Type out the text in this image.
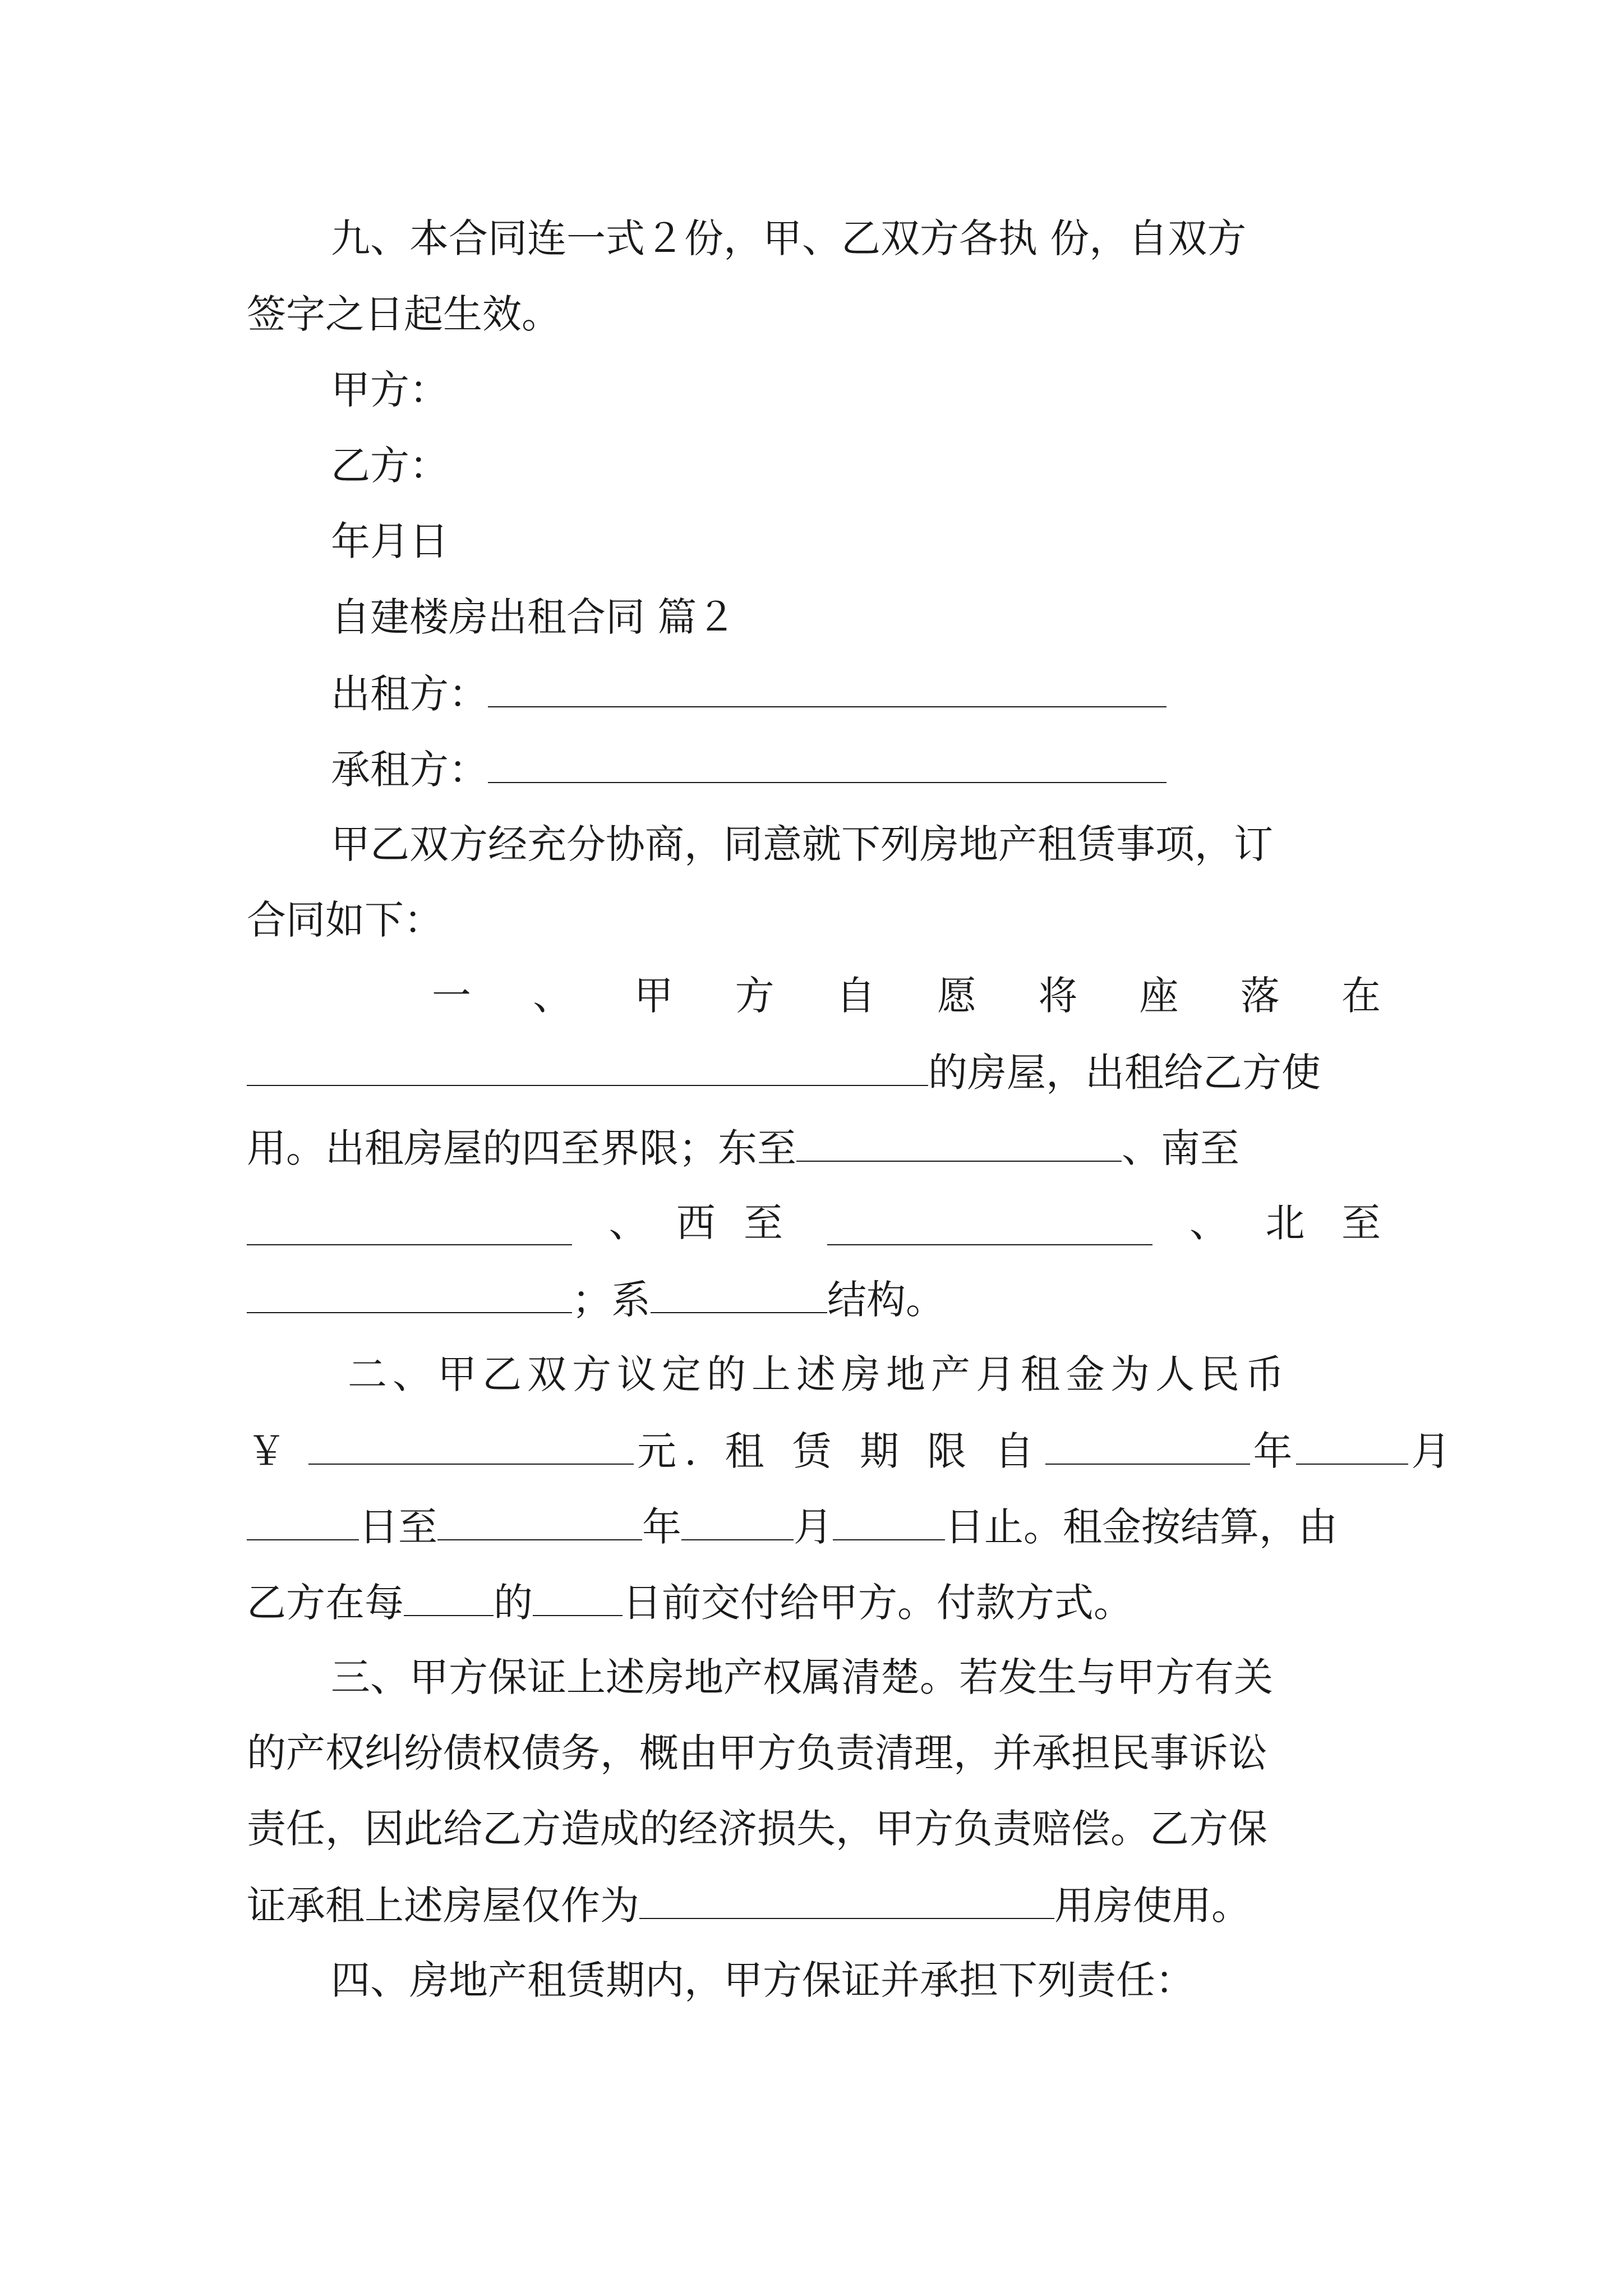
九、本合同连一式２份，甲、乙双方各执 份，自双方
签字之日起生效。
甲方：
乙方：
年月日
自建楼房出租合同 篇２
出租方：
承租方：
甲乙双方经充分协商，同意就下列房地产租赁事项，订
合同如下：
一 、 甲 方 自 愿 将 座 落 在
的房屋，出租给乙方使
用。出租房屋的四至界限；东至	、南至
、 西 至	、 北 至
；系	结构。
二、甲乙双方议定的上述房地产月租金为人民币
￥	元. 租 赁 期 限 自	年	月
日至	年	月	日止。租金按结算，由
乙方在每 的 日前交付给甲方。付款方式。
三、甲方保证上述房地产权属清楚。若发生与甲方有关
的产权纠纷债权债务，概由甲方负责清理，并承担民事诉讼
责任，因此给乙方造成的经济损失，甲方负责赔偿。乙方保
证承租上述房屋仅作为	用房使用。
四、房地产租赁期内，甲方保证并承担下列责任：
